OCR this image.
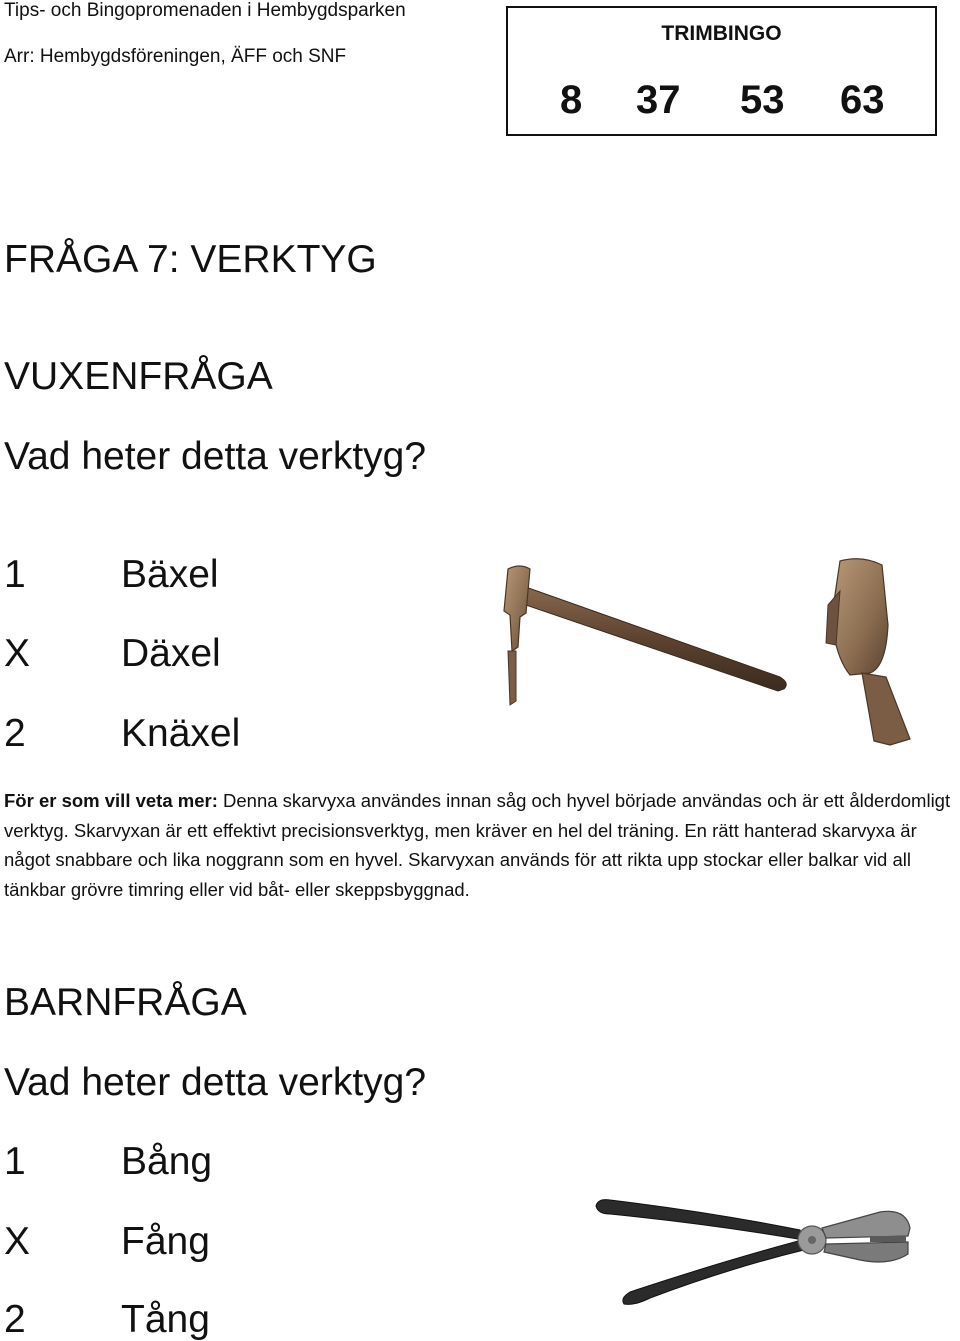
Tips- och Bingopromenaden i Hembygdsparken
Arr: Hembygdsföreningen, ÄFF och SNF
TRIMBINGO
8 37 53 63
FRÅGA 7: VERKTYG
VUXENFRÅGA
Vad heter detta verktyg?
1 Bäxel
X Däxel
2 Knäxel
För er som vill veta mer: Denna skarvyxa användes innan såg och hyvel började användas och är ett ålderdomligt verktyg. Skarvyxan är ett effektivt precisionsverktyg, men kräver en hel del träning. En rätt hanterad skarvyxa är något snabbare och lika noggrann som en hyvel. Skarvyxan används för att rikta upp stockar eller balkar vid all tänkbar grövre timring eller vid båt- eller skeppsbyggnad.
BARNFRÅGA
Vad heter detta verktyg?
1 Bång
X Fång
2 Tång
